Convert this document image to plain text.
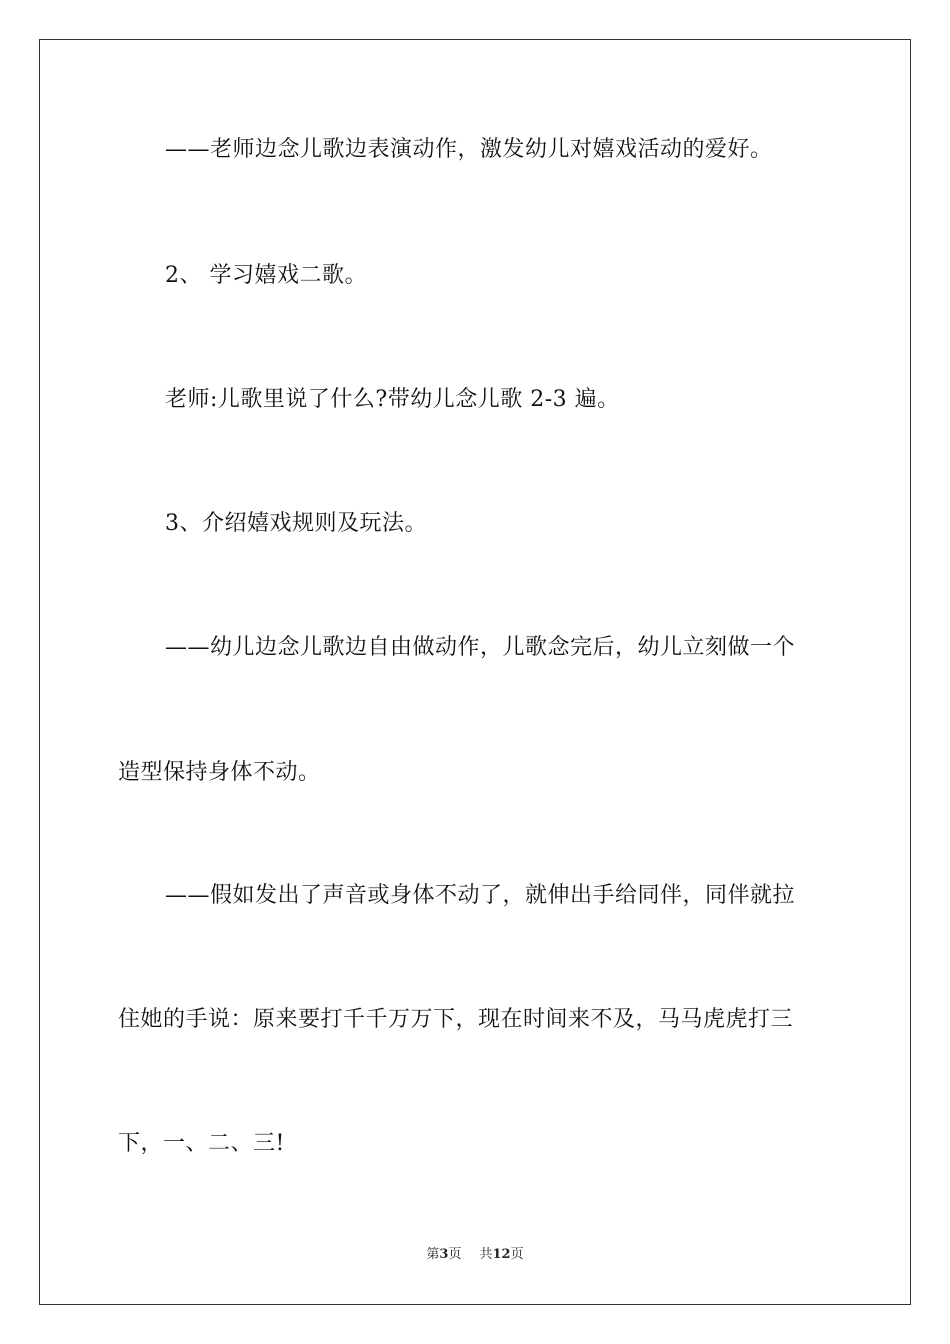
——老师边念儿歌边表演动作，激发幼儿对嬉戏活动的爱好。
2、 学习嬉戏二歌。
老师:儿歌里说了什么?带幼儿念儿歌 2-3 遍。
3、介绍嬉戏规则及玩法。
——幼儿边念儿歌边自由做动作，儿歌念完后，幼儿立刻做一个
造型保持身体不动。
——假如发出了声音或身体不动了，就伸出手给同伴，同伴就拉
住她的手说：原来要打千千万万下，现在时间来不及，马马虎虎打三
下，一、二、三!
第3页 共12页
